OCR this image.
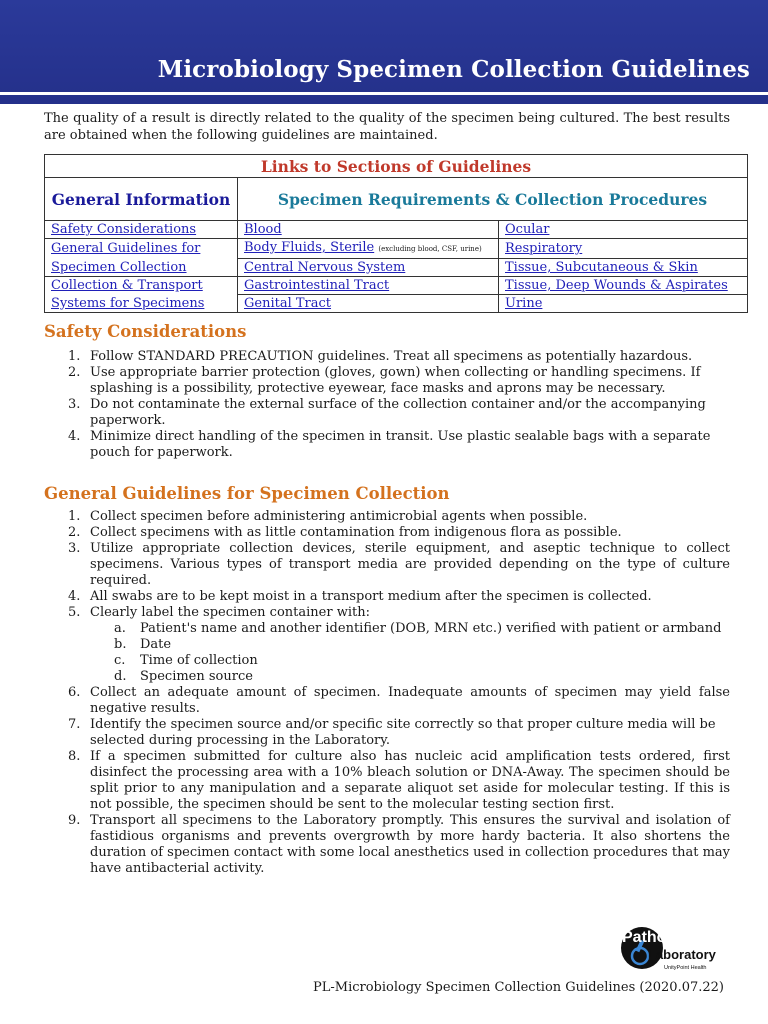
Microbiology Specimen Collection Guidelines
The quality of a result is directly related to the quality of the specimen being cultured. The best results are obtained when the following guidelines are maintained.
Links to Sections of Guidelines		
General Information	Specimen Requirements & Collection Procedures	
Safety Considerations	Blood	Ocular
General Guidelines for	Body Fluids, Sterile (excluding blood, CSF, urine)	Respiratory
Specimen Collection	Central Nervous System	Tissue, Subcutaneous & Skin
Collection & Transport	Gastrointestinal Tract	Tissue, Deep Wounds & Aspirates
Systems for Specimens	Genital Tract	Urine
Safety Considerations
1. Follow STANDARD PRECAUTION guidelines. Treat all specimens as potentially hazardous.
2. Use appropriate barrier protection (gloves, gown) when collecting or handling specimens. If splashing is a possibility, protective eyewear, face masks and aprons may be necessary.
3. Do not contaminate the external surface of the collection container and/or the accompanying paperwork.
4. Minimize direct handling of the specimen in transit. Use plastic sealable bags with a separate pouch for paperwork.
General Guidelines for Specimen Collection
1. Collect specimen before administering antimicrobial agents when possible.
2. Collect specimens with as little contamination from indigenous flora as possible.
3. Utilize appropriate collection devices, sterile equipment, and aseptic technique to collect specimens. Various types of transport media are provided depending on the type of culture required.
4. All swabs are to be kept moist in a transport medium after the specimen is collected.
5. Clearly label the specimen container with:
a. Patient's name and another identifier (DOB, MRN etc.) verified with patient or armband
b. Date
c. Time of collection
d. Specimen source
6. Collect an adequate amount of specimen. Inadequate amounts of specimen may yield false negative results.
7. Identify the specimen source and/or specific site correctly so that proper culture media will be selected during processing in the Laboratory.
8. If a specimen submitted for culture also has nucleic acid amplification tests ordered, first disinfect the processing area with a 10% bleach solution or DNA-Away. The specimen should be split prior to any manipulation and a separate aliquot set aside for molecular testing. If this is not possible, the specimen should be sent to the molecular testing section first.
9. Transport all specimens to the Laboratory promptly. This ensures the survival and isolation of fastidious organisms and prevents overgrowth by more hardy bacteria. It also shortens the duration of specimen contact with some local anesthetics used in collection procedures that may have antibacterial activity.
Pathology
Laboratory
UnityPoint Health
PL-Microbiology Specimen Collection Guidelines (2020.07.22)
